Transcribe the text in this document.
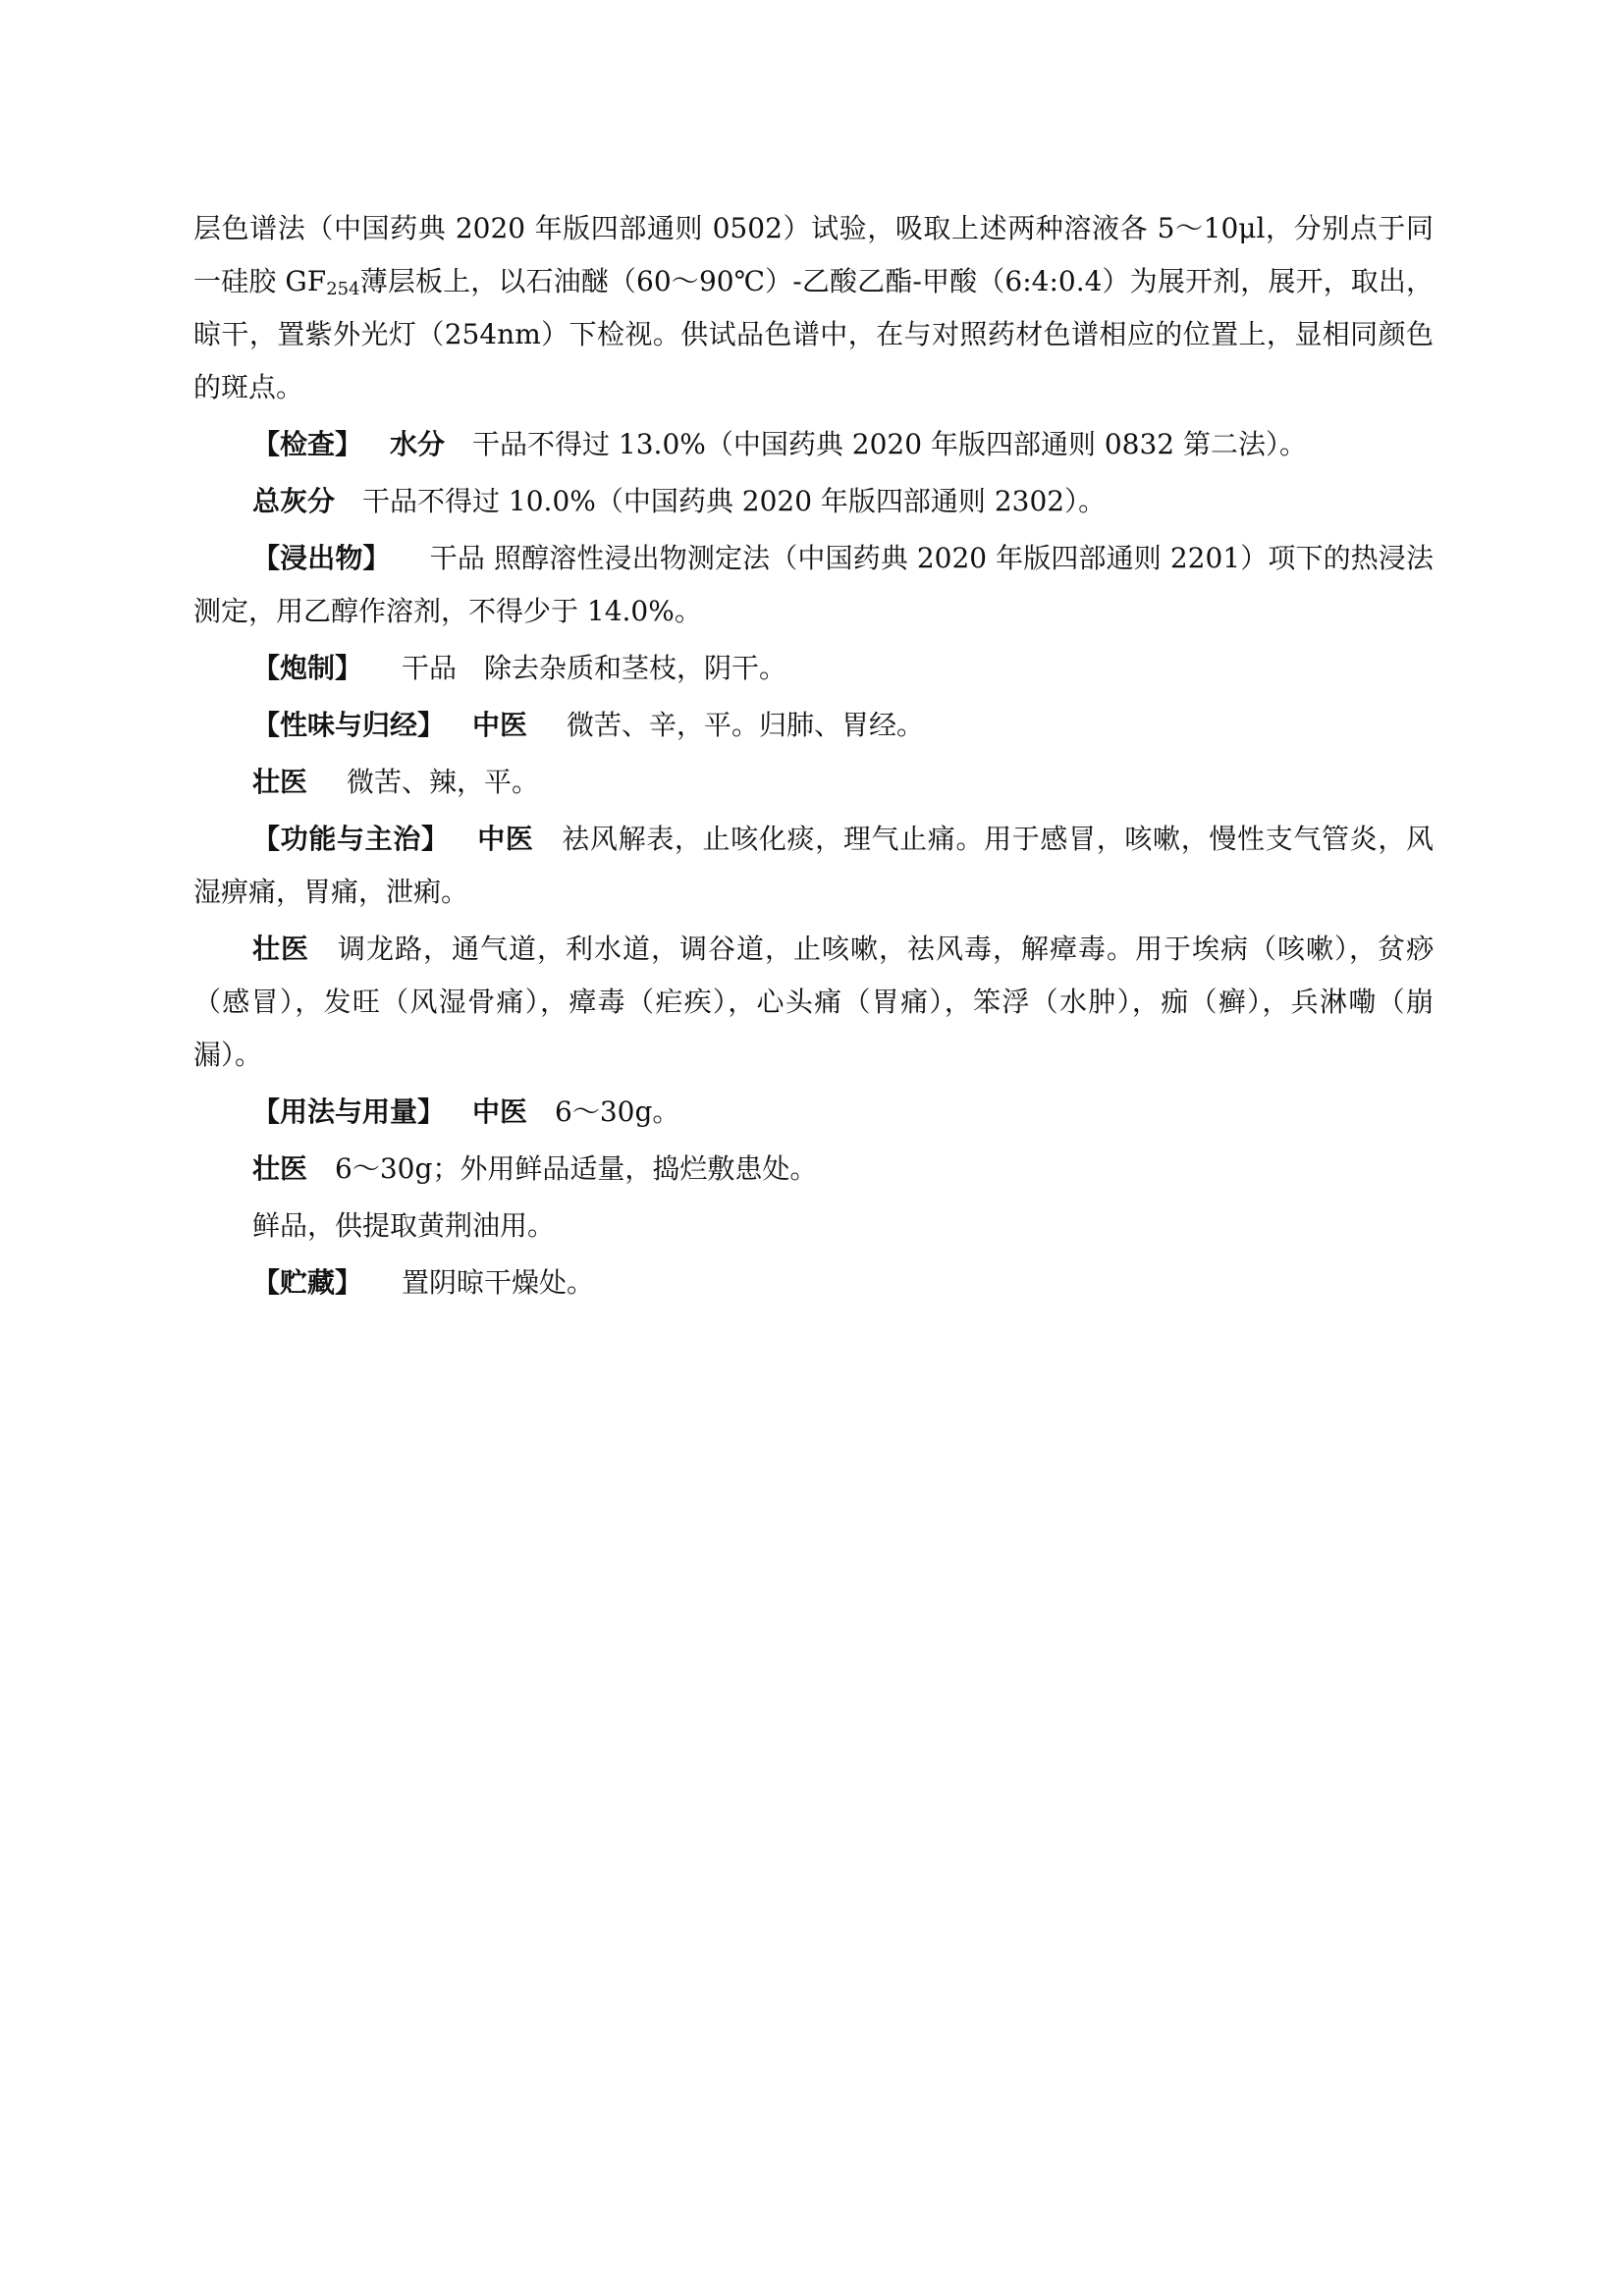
层色谱法（中国药典 2020 年版四部通则 0502）试验，吸取上述两种溶液各 5～10μl，分别点于同一硅胶 $GF_{254}$薄层板上，以石油醚（60～90℃）-乙酸乙酯-甲酸（6:4:0.4）为展开剂，展开，取出，晾干，置紫外光灯（254nm）下检视。供试品色谱中，在与对照药材色谱相应的位置上，显相同颜色的斑点。

【检查】 水分 干品不得过 13.0%（中国药典 2020 年版四部通则 0832 第二法）。

总灰分 干品不得过 10.0%（中国药典 2020 年版四部通则 2302）。

【浸出物】 干品 照醇溶性浸出物测定法（中国药典 2020 年版四部通则 2201）项下的热浸法测定，用乙醇作溶剂，不得少于 14.0%。

【炮制】 干品　除去杂质和茎枝，阴干。

【性味与归经】 中医 微苦、辛，平。归肺、胃经。

壮医 微苦、辣，平。

【功能与主治】 中医 祛风解表，止咳化痰，理气止痛。用于感冒，咳嗽，慢性支气管炎，风湿痹痛，胃痛，泄痢。

壮医 调龙路，通气道，利水道，调谷道，止咳嗽，祛风毒，解瘴毒。用于埃病（咳嗽），贫痧（感冒），发旺（风湿骨痛），瘴毒（疟疾），心头痛（胃痛），笨浮（水肿），痂（癣），兵淋嘞（崩漏）。

【用法与用量】 中医 6～30g。

壮医 6～30g；外用鲜品适量，捣烂敷患处。

鲜品，供提取黄荆油用。

【贮藏】 置阴晾干燥处。
